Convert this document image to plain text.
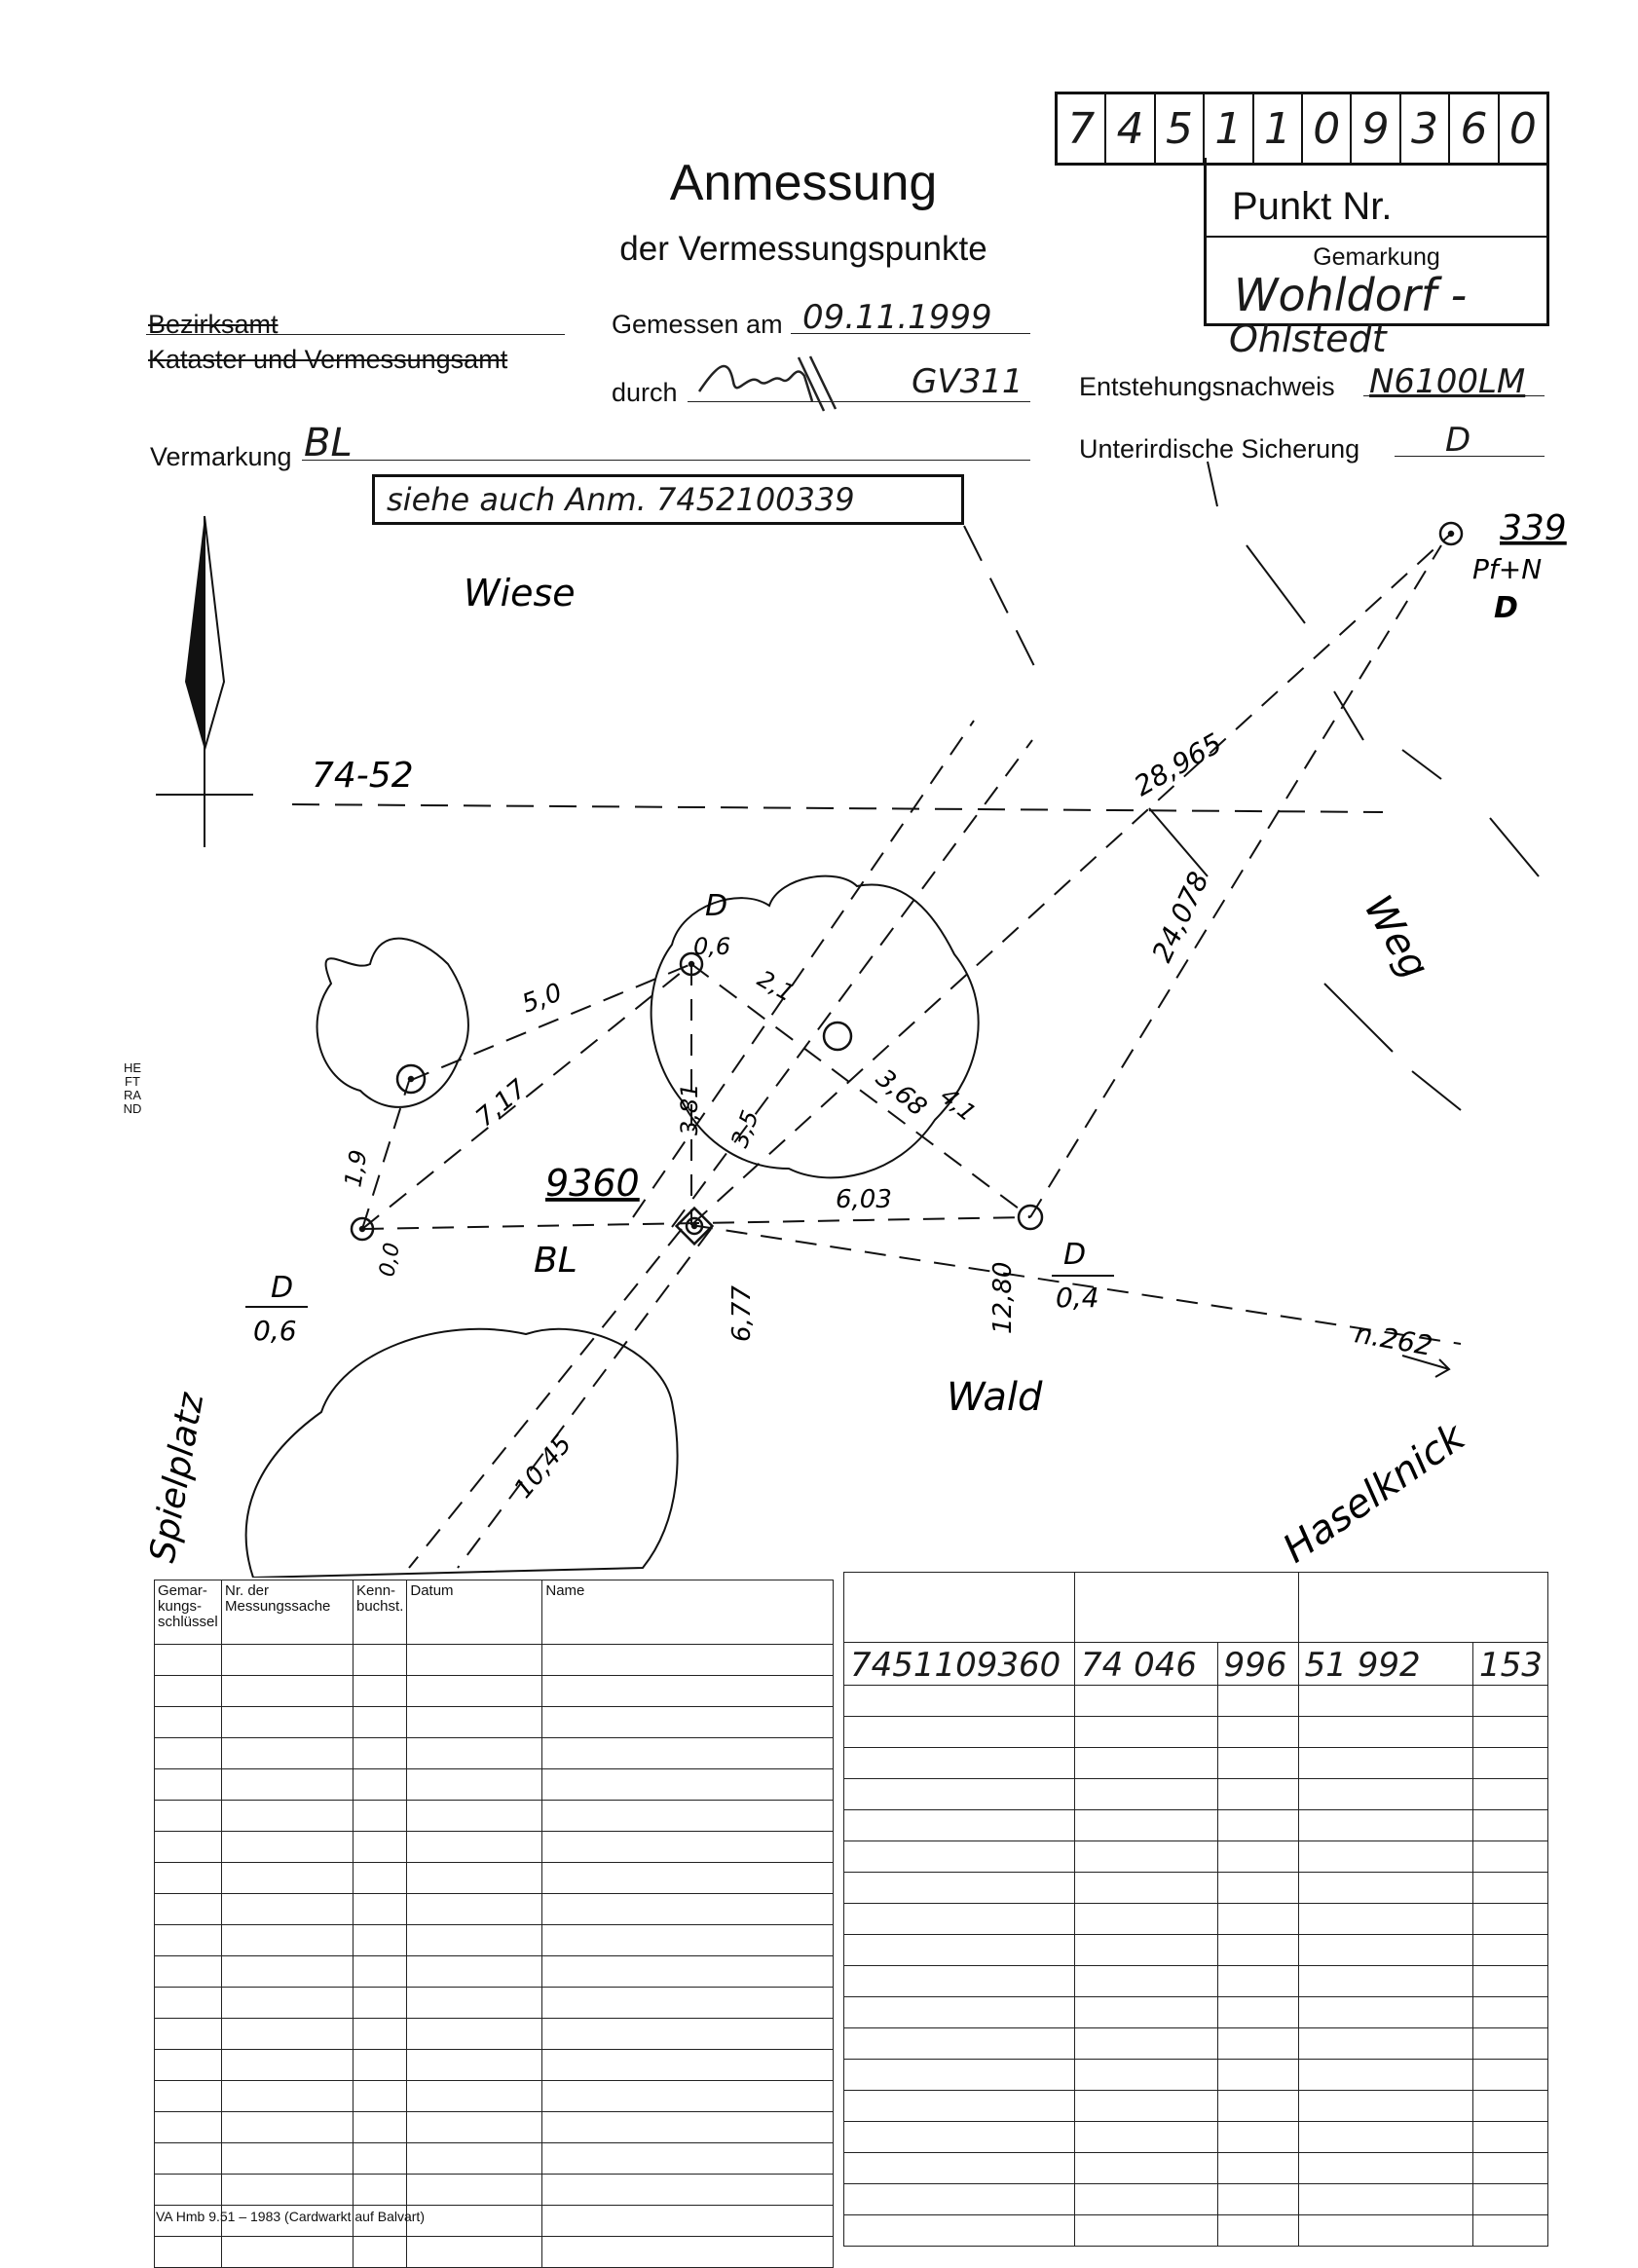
Anmessung
der Vermessungspunkte
7 4 5 1 1 0 9 3 6 0
Punkt Nr.
Gemarkung
Wohldorf -
Ohlstedt
Bezirksamt
Kataster und Vermessungsamt
Gemessen am 09.11.1999
durch	GV311 Entstehungsnachweis N6100LM
Vermarkung BL	Unterirdische Sicherung	D
siehe auch Anm. 7452100339
HEFTRAND
74-52
Wiese
Weg
Wald
Spielplatz	Haselknick
339
Pf+N
D
9360
BL
28,965
24,078
5,0
7,17
2,1
3,81 3,5
3,68 4,1
6,03
1,9
0,0
6,77	12,80
10,45
D
0,6
D
0,6
D
0,4
n.262
Gemar-kungs-schlüssel	Nr. der Messungssache	Kenn-buchst.	Datum	Name

7451109360	74 046	996	51 992	153

VA Hmb 9.51 – 1983 (Cardwarkt auf Balvart)
